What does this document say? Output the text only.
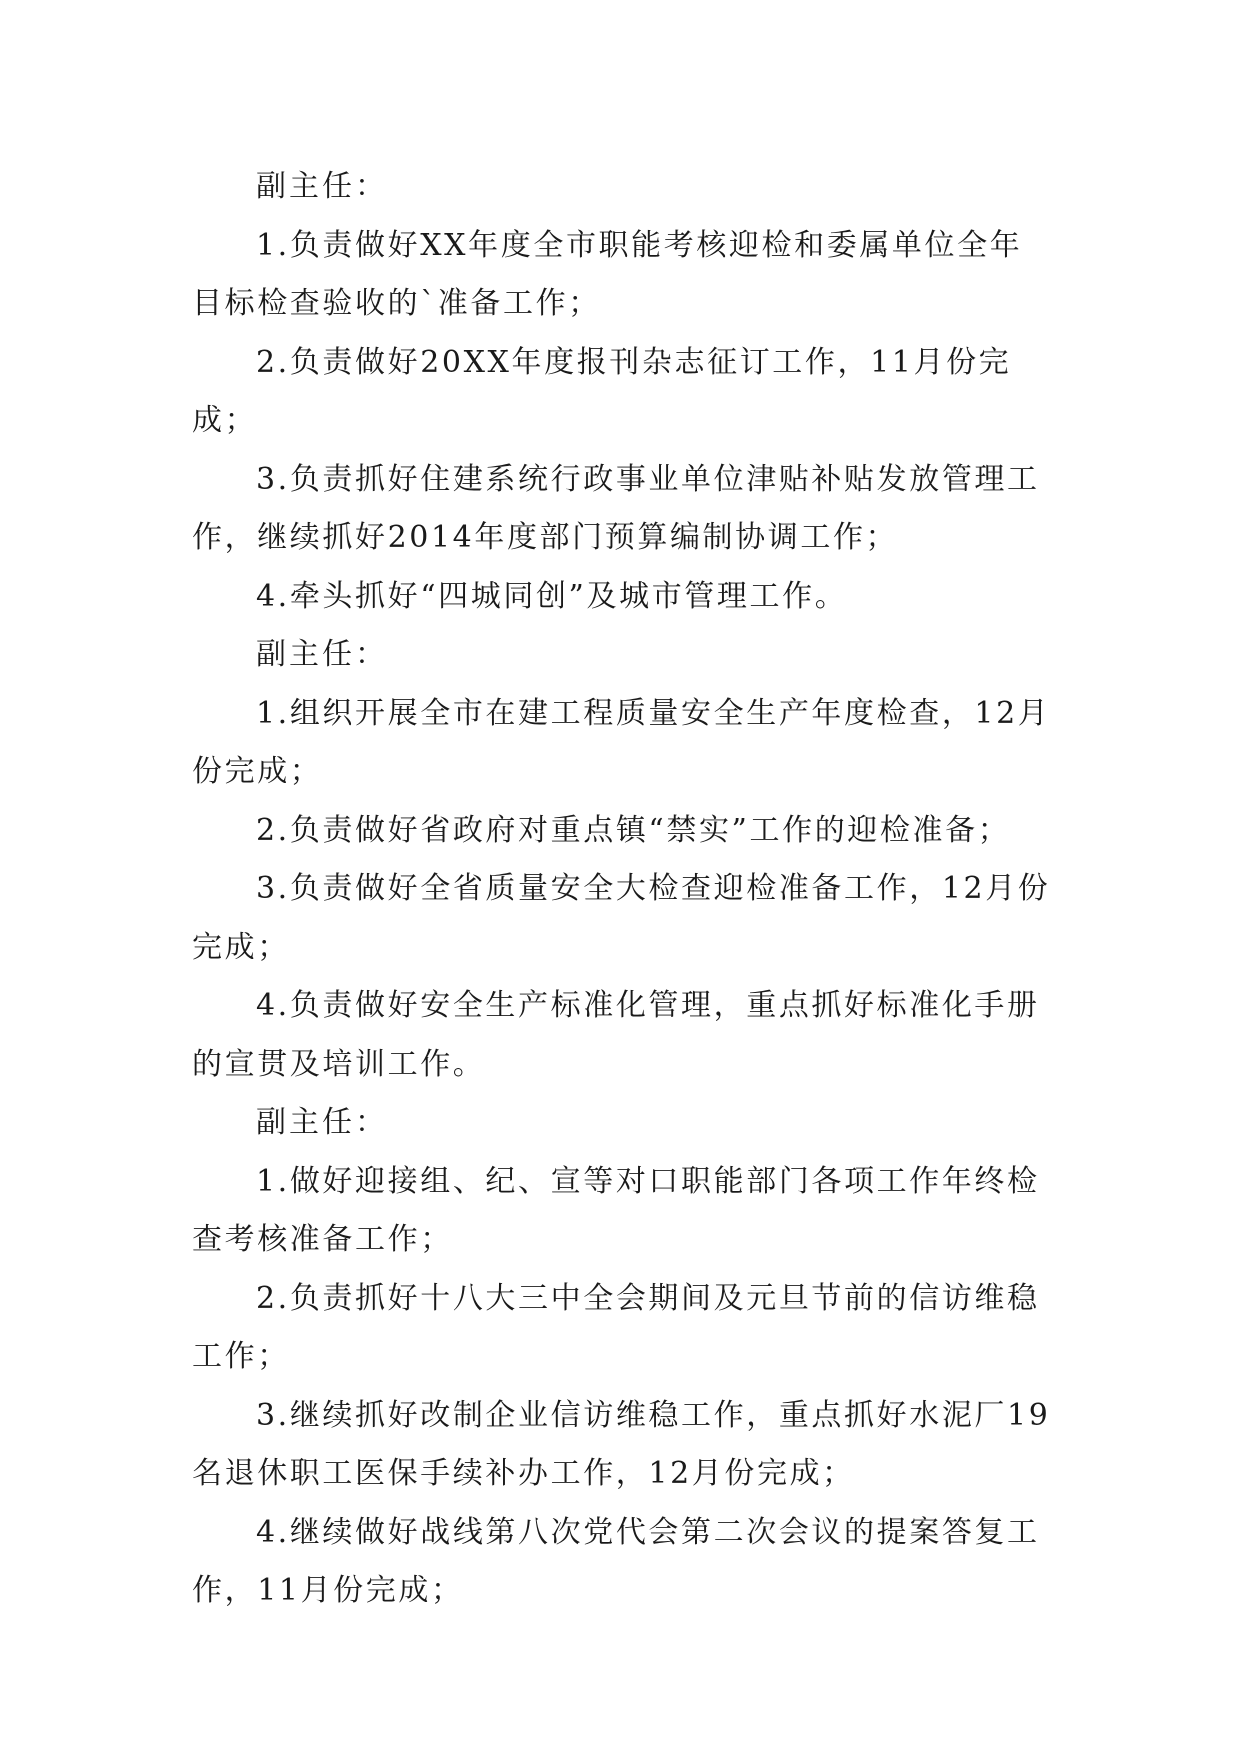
副主任：

1.负责做好XX年度全市职能考核迎检和委属单位全年目标检查验收的`准备工作；

2.负责做好20XX年度报刊杂志征订工作，11月份完成；

3.负责抓好住建系统行政事业单位津贴补贴发放管理工作，继续抓好2014年度部门预算编制协调工作；

4.牵头抓好“四城同创”及城市管理工作。

副主任：

1.组织开展全市在建工程质量安全生产年度检查，12月份完成；

2.负责做好省政府对重点镇“禁实”工作的迎检准备；

3.负责做好全省质量安全大检查迎检准备工作，12月份完成；

4.负责做好安全生产标准化管理，重点抓好标准化手册的宣贯及培训工作。

副主任：

1.做好迎接组、纪、宣等对口职能部门各项工作年终检查考核准备工作；

2.负责抓好十八大三中全会期间及元旦节前的信访维稳工作；

3.继续抓好改制企业信访维稳工作，重点抓好水泥厂19名退休职工医保手续补办工作，12月份完成；

4.继续做好战线第八次党代会第二次会议的提案答复工作，11月份完成；
